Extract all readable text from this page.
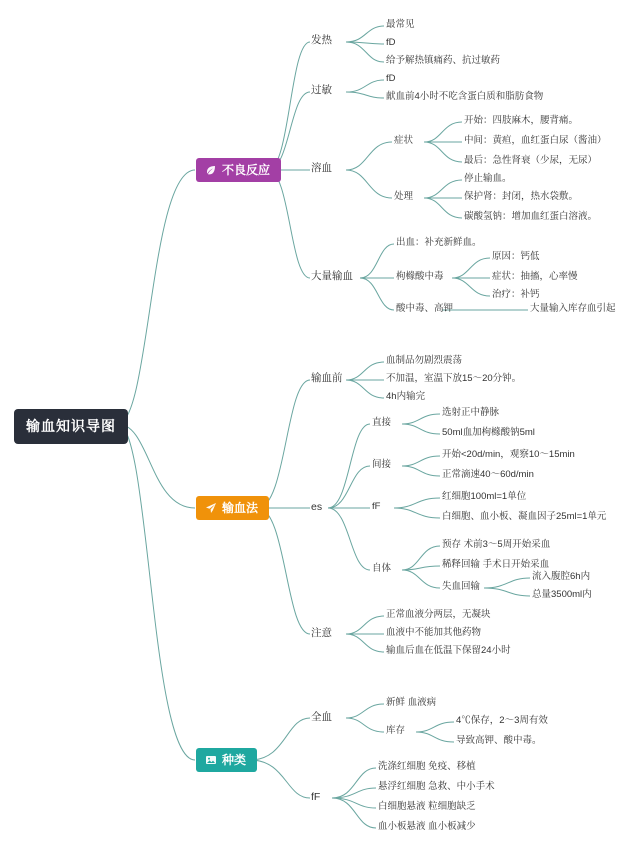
输血知识导图
不良反应
发热
最常见
fD
给予解热镇痛药、抗过敏药
过敏
fD
献血前4小时不吃含蛋白质和脂肪食物
溶血
症状
开始：四肢麻木，腰背痛。
中间：黄疸，血红蛋白尿（酱油）
最后：急性肾衰（少尿，无尿）
处理
停止输血。
保护肾：封闭，热水袋敷。
碳酸氢钠：增加血红蛋白溶液。
大量输血
出血：补充新鲜血。
枸橼酸中毒
原因：钙低
症状：抽搐，心率慢
治疗：补钙
酸中毒、高钾	大量输入库存血引起
输血法
输血前
血制品勿剧烈震荡
不加温，室温下放15～20分钟。
4h内输完
es
直接
选射正中静脉
50ml血加枸橼酸钠5ml
间接
开始<20d/min，观察10～15min
正常滴速40～60d/min
fF
红细胞100ml=1单位
白细胞、血小板、凝血因子25ml=1单元
自体
预存 术前3～5周开始采血
稀释回输 手术日开始采血
失血回输
流入腹腔6h内
总量3500ml内
注意
正常血液分两层，无凝块
血液中不能加其他药物
输血后血在低温下保留24小时
种类
全血
新鲜 血液病
库存
4℃保存，2～3周有效
导致高钾、酸中毒。
fF
洗涤红细胞 免疫、移植
悬浮红细胞 急救、中小手术
白细胞悬液 粒细胞缺乏
血小板悬液 血小板减少
